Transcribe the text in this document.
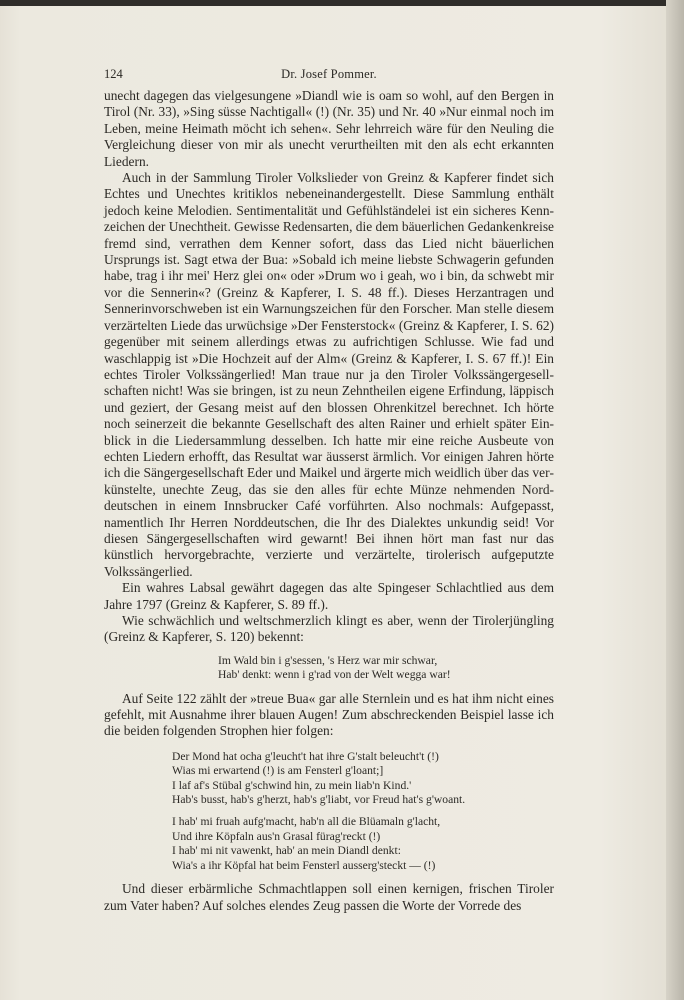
124	Dr. Josef Pommer.

unecht dagegen das vielgesungene »Diandl wie is oam so wohl, auf den Bergen in Tirol (Nr. 33), »Sing süsse Nachtigall« (!) (Nr. 35) und Nr. 40 »Nur einmal noch im Leben, meine Heimath möcht ich sehen«. Sehr lehrreich wäre für den Neuling die Vergleichung dieser von mir als unecht verurtheilten mit den als echt erkannten Liedern.

Auch in der Sammlung Tiroler Volkslieder von Greinz & Kapferer findet sich Echtes und Unechtes kritiklos nebeneinandergestellt. Diese Sammlung enthält jedoch keine Melodien. Sentimentalität und Gefühlständelei ist ein sicheres Kennzeichen der Unechtheit. Gewisse Redensarten, die dem bäuerlichen Gedankenkreise fremd sind, verrathen dem Kenner sofort, dass das Lied nicht bäuerlichen Ursprungs ist. Sagt etwa der Bua: »Sobald ich meine liebste Schwagerin gefunden habe, trag i ihr mei' Herz glei on« oder »Drum wo i geah, wo i bin, da schwebt mir vor die Sennerin«? (Greinz & Kapferer, I. S. 48 ff.). Dieses Herzantragen und Sennerinvorschweben ist ein Warnungszeichen für den Forscher. Man stelle diesem verzärtelten Liede das urwüchsige »Der Fensterstock« (Greinz & Kapferer, I. S. 62) gegenüber mit seinem allerdings etwas zu aufrichtigen Schlusse. Wie fad und waschlappig ist »Die Hochzeit auf der Alm« (Greinz & Kapferer, I. S. 67 ff.)! Ein echtes Tiroler Volkssängerlied! Man traue nur ja den Tiroler Volkssängergesellschaften nicht! Was sie bringen, ist zu neun Zehntheilen eigene Erfindung, läppisch und geziert, der Gesang meist auf den blossen Ohrenkitzel berechnet. Ich hörte noch seinerzeit die bekannte Gesellschaft des alten Rainer und erhielt später Einblick in die Liedersammlung desselben. Ich hatte mir eine reiche Ausbeute von echten Liedern erhofft, das Resultat war äusserst ärmlich. Vor einigen Jahren hörte ich die Sängergesellschaft Eder und Maikel und ärgerte mich weidlich über das verkünstelte, unechte Zeug, das sie den alles für echte Münze nehmenden Norddeutschen in einem Innsbrucker Café vorführten. Also nochmals: Aufgepasst, namentlich Ihr Herren Norddeutschen, die Ihr des Dialektes unkundig seid! Vor diesen Sängergesellschaften wird gewarnt! Bei ihnen hört man fast nur das künstlich hervorgebrachte, verzierte und verzärtelte, tirolerisch aufgeputzte Volkssängerlied.

Ein wahres Labsal gewährt dagegen das alte Spingeser Schlachtlied aus dem Jahre 1797 (Greinz & Kapferer, S. 89 ff.).

Wie schwächlich und weltschmerzlich klingt es aber, wenn der Tirolerjüngling (Greinz & Kapferer, S. 120) bekennt:

Im Wald bin i g'sessen, 's Herz war mir schwar,
Hab' denkt: wenn i g'rad von der Welt wegga war!

Auf Seite 122 zählt der »treue Bua« gar alle Sternlein und es hat ihm nicht eines gefehlt, mit Ausnahme ihrer blauen Augen! Zum abschreckenden Beispiel lasse ich die beiden folgenden Strophen hier folgen:

Der Mond hat ocha g'leucht't hat ihre G'stalt beleucht't (!)
Wias mi erwartend (!) is am Fensterl g'loant;]
I laf af's Stübal g'schwind hin, zu mein liab'n Kind.'
Hab's busst, hab's g'herzt, hab's g'liabt, vor Freud hat's g'woant.
I hab' mi fruah aufg'macht, hab'n all die Blüamaln g'lacht,
Und ihre Köpfaln aus'n Grasal fürag'reckt (!)
I hab' mi nit vawenkt, hab' an mein Diandl denkt:
Wia's a ihr Köpfal hat beim Fensterl ausserg'steckt — (!)

Und dieser erbärmliche Schmachtlappen soll einen kernigen, frischen Tiroler zum Vater haben? Auf solches elendes Zeug passen die Worte der Vorrede des
